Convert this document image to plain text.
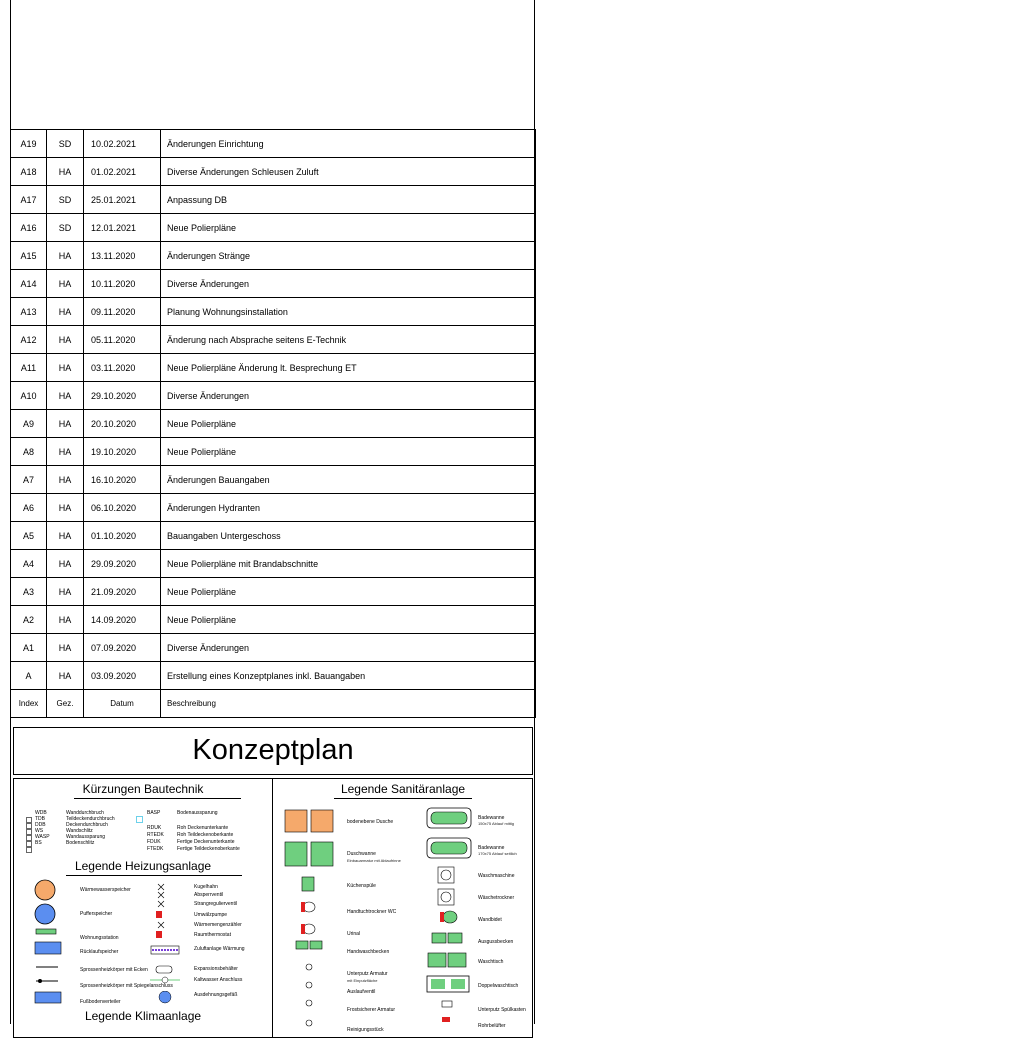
A19	SD	10.02.2021	Änderungen Einrichtung
A18	HA	01.02.2021	Diverse Änderungen Schleusen Zuluft
A17	SD	25.01.2021	Anpassung DB
A16	SD	12.01.2021	Neue Polierpläne
A15	HA	13.11.2020	Änderungen Stränge
A14	HA	10.11.2020	Diverse Änderungen
A13	HA	09.11.2020	Planung Wohnungsinstallation
A12	HA	05.11.2020	Änderung nach Absprache seitens E-Technik
A11	HA	03.11.2020	Neue Polierpläne Änderung lt. Besprechung ET
A10	HA	29.10.2020	Diverse Änderungen
A9	HA	20.10.2020	Neue Polierpläne
A8	HA	19.10.2020	Neue Polierpläne
A7	HA	16.10.2020	Änderungen Bauangaben
A6	HA	06.10.2020	Änderungen Hydranten
A5	HA	01.10.2020	Bauangaben Untergeschoss
A4	HA	29.09.2020	Neue Polierpläne mit Brandabschnitte
A3	HA	21.09.2020	Neue Polierpläne
A2	HA	14.09.2020	Neue Polierpläne
A1	HA	07.09.2020	Diverse Änderungen
A	HA	03.09.2020	Erstellung eines Konzeptplanes inkl. Bauangaben
Index	Gez.	Datum	Beschreibung
Konzeptplan
Kürzungen Bautechnik
WDB	Wanddurchbruch
TDB	Teildeckendurchbruch
DDB	Deckendurchbruch
WS	Wandschlitz
WASP	Wandaussparung
BS	Bodenschlitz
BASP	Bodenaussparung
RDUK	Roh Deckenunterkante
RTEDK	Roh Teildeckenoberkante
FDUK	Fertige Deckenunterkante
FTEDK	Fertige Teildeckenoberkante
Legende Heizungsanlage
Wärmewasserspeicher
Pufferspeicher
Wohnungsstation
Rücklaufspeicher
Sprossenheizkörper mit Ecken
Sprossenheizkörper mit Spiegelanschluss
Fußbodenverteiler
Kugelhahn
Absperrventil
Strangregulierventil
Umwälzpumpe
Wärmemengenzähler
Raumthermostat
Zuluftanlage Wärmung
Expansionsbehälter
Kaltwasser Anschluss
Ausdehnungsgefäß
Legende Klimaanlage
Legende Sanitäranlage
bodenebene Dusche
Duschwanne
Einbauarmatur mit Ablaufrinne
Küchenspüle
Handtuchtrockner WC
Urinal
Handwaschbecken
Unterputz Armatur
mit Einputzfläche
Auslaufventil
Frostsicherer Armatur
Reinigungsstück
Badewanne
150x75 Ablauf mittig
Badewanne
170x75 Ablauf seitlich
Waschmaschine
Wäschetrockner
Wandbidet
Ausgussbecken
Waschtisch
Doppelwaschtisch
Unterputz Spülkasten
Rohrbelüfter
